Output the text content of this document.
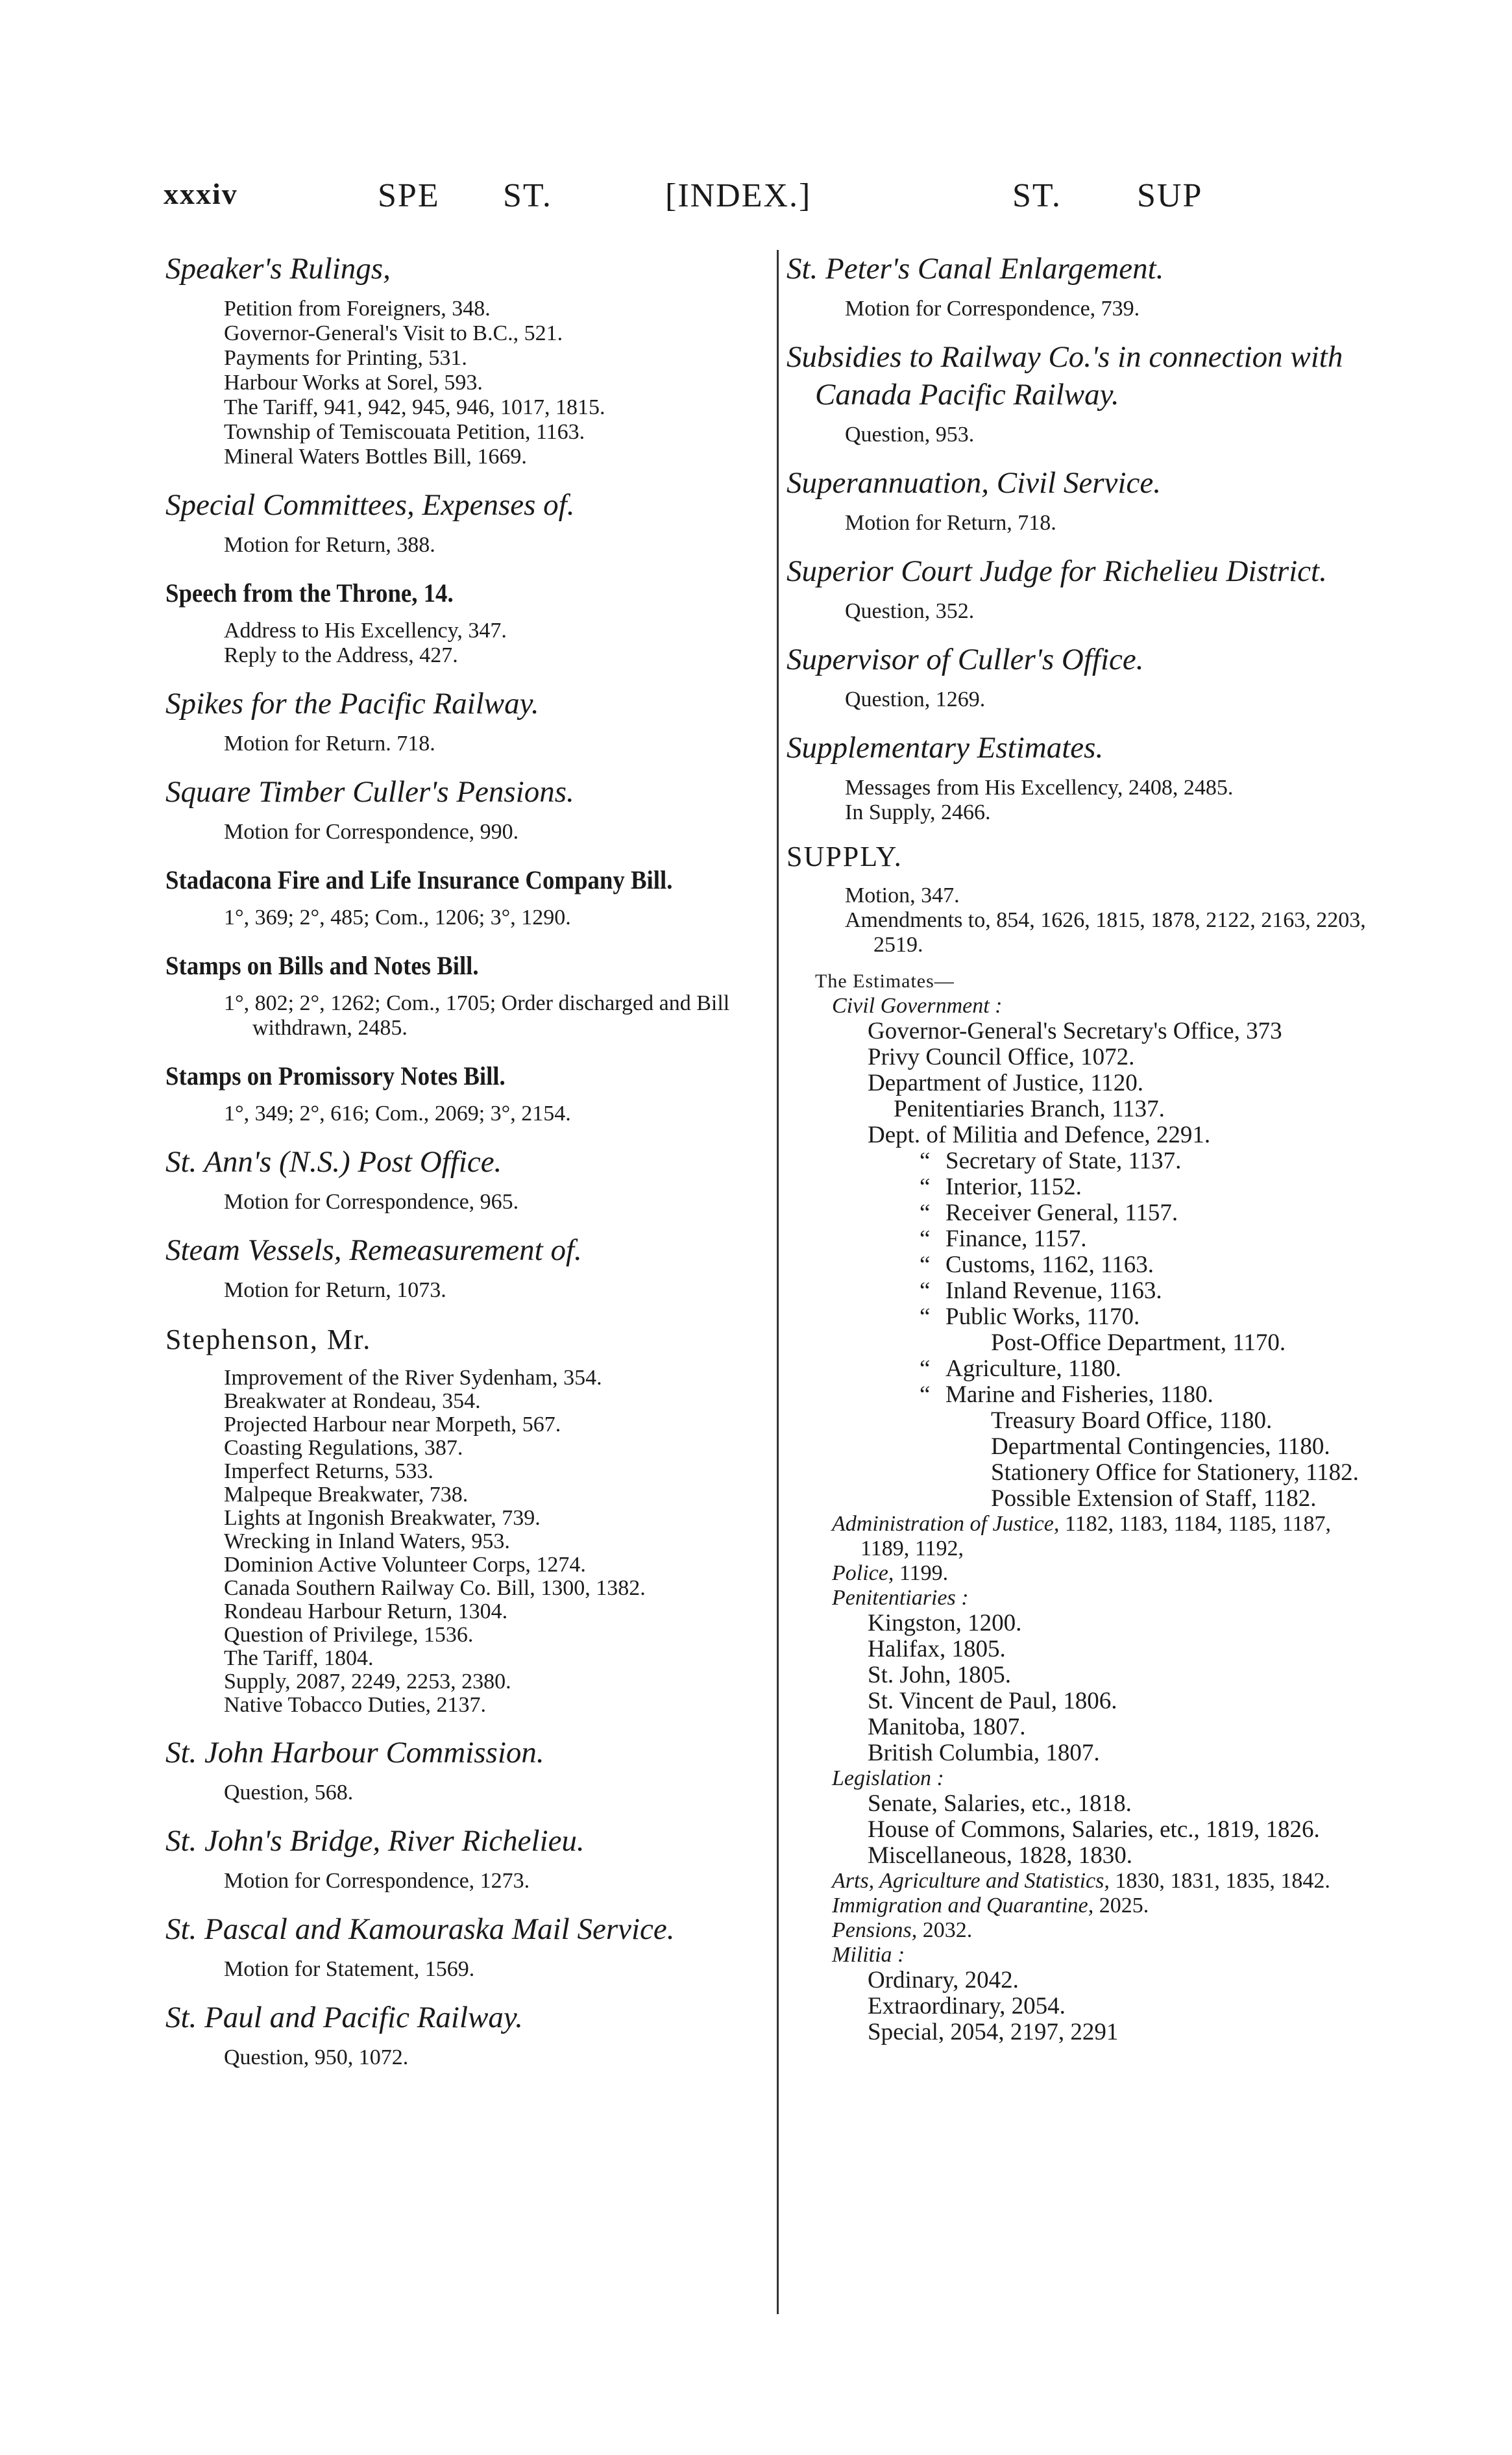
xxxiv	SPE ST.	[INDEX.]	ST. SUP
Speaker's Rulings,
Petition from Foreigners, 348.
Governor-General's Visit to B.C., 521.
Payments for Printing, 531.
Harbour Works at Sorel, 593.
The Tariff, 941, 942, 945, 946, 1017, 1815.
Township of Temiscouata Petition, 1163.
Mineral Waters Bottles Bill, 1669.
Special Committees, Expenses of.
Motion for Return, 388.
Speech from the Throne, 14.
Address to His Excellency, 347.
Reply to the Address, 427.
Spikes for the Pacific Railway.
Motion for Return. 718.
Square Timber Culler's Pensions.
Motion for Correspondence, 990.
Stadacona Fire and Life Insurance Company Bill.
1°, 369; 2°, 485; Com., 1206; 3°, 1290.
Stamps on Bills and Notes Bill.
1°, 802; 2°, 1262; Com., 1705; Order discharged and Bill withdrawn, 2485.
Stamps on Promissory Notes Bill.
1°, 349; 2°, 616; Com., 2069; 3°, 2154.
St. Ann's (N.S.) Post Office.
Motion for Correspondence, 965.
Steam Vessels, Remeasurement of.
Motion for Return, 1073.
Stephenson, Mr.
Improvement of the River Sydenham, 354.
Breakwater at Rondeau, 354.
Projected Harbour near Morpeth, 567.
Coasting Regulations, 387.
Imperfect Returns, 533.
Malpeque Breakwater, 738.
Lights at Ingonish Breakwater, 739.
Wrecking in Inland Waters, 953.
Dominion Active Volunteer Corps, 1274.
Canada Southern Railway Co. Bill, 1300, 1382.
Rondeau Harbour Return, 1304.
Question of Privilege, 1536.
The Tariff, 1804.
Supply, 2087, 2249, 2253, 2380.
Native Tobacco Duties, 2137.
St. John Harbour Commission.
Question, 568.
St. John's Bridge, River Richelieu.
Motion for Correspondence, 1273.
St. Pascal and Kamouraska Mail Service.
Motion for Statement, 1569.
St. Paul and Pacific Railway.
Question, 950, 1072.
St. Peter's Canal Enlargement.
Motion for Correspondence, 739.
Subsidies to Railway Co.'s in connection with Canada Pacific Railway.
Question, 953.
Superannuation, Civil Service.
Motion for Return, 718.
Superior Court Judge for Richelieu District.
Question, 352.
Supervisor of Culler's Office.
Question, 1269.
Supplementary Estimates.
Messages from His Excellency, 2408, 2485.
In Supply, 2466.
SUPPLY.
Motion, 347.
Amendments to, 854, 1626, 1815, 1878, 2122, 2163, 2203, 2519.
The Estimates—
Civil Government :
Governor-General's Secretary's Office, 373
Privy Council Office, 1072.
Department of Justice, 1120.
Penitentiaries Branch, 1137.
Dept. of Militia and Defence, 2291.
“ Secretary of State, 1137.
“ Interior, 1152.
“ Receiver General, 1157.
“ Finance, 1157.
“ Customs, 1162, 1163.
“ Inland Revenue, 1163.
“ Public Works, 1170.
Post-Office Department, 1170.
“ Agriculture, 1180.
“ Marine and Fisheries, 1180.
Treasury Board Office, 1180.
Departmental Contingencies, 1180.
Stationery Office for Stationery, 1182.
Possible Extension of Staff, 1182.
Administration of Justice, 1182, 1183, 1184, 1185, 1187, 1189, 1192,
Police, 1199.
Penitentiaries :
Kingston, 1200.
Halifax, 1805.
St. John, 1805.
St. Vincent de Paul, 1806.
Manitoba, 1807.
British Columbia, 1807.
Legislation :
Senate, Salaries, etc., 1818.
House of Commons, Salaries, etc., 1819, 1826.
Miscellaneous, 1828, 1830.
Arts, Agriculture and Statistics, 1830, 1831, 1835, 1842.
Immigration and Quarantine, 2025.
Pensions, 2032.
Militia :
Ordinary, 2042.
Extraordinary, 2054.
Special, 2054, 2197, 2291
